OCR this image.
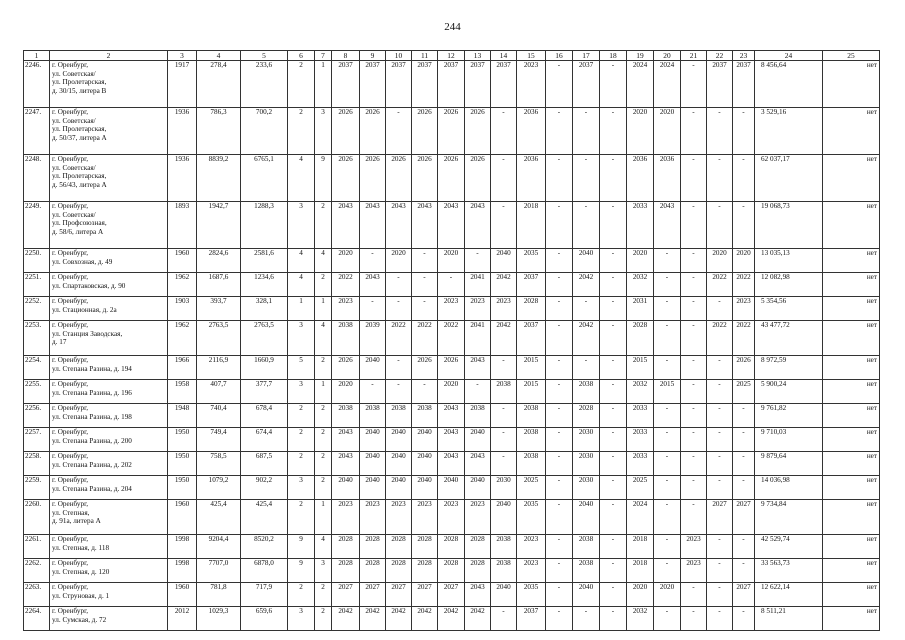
244
1	2	3	4	5	6	7	8	9	10	11	12	13	14	15	16	17	18	19	20	21	22	23	24	25
2246.	г. Оренбург,
ул. Советская/
ул. Пролетарская,
д. 30/15, литера В	1917	278,4	233,6	2	1	2037	2037	2037	2037	2037	2037	2037	2023	-	2037	-	2024	2024	-	2037	2037	8 456,64	нет
2247.	г. Оренбург,
ул. Советская/
ул. Пролетарская,
д. 50/37, литера А	1936	786,3	700,2	2	3	2026	2026	-	2026	2026	2026	-	2036	-	-	-	2020	2020	-	-	-	3 529,16	нет
2248.	г. Оренбург,
ул. Советская/
ул. Пролетарская,
д. 56/43, литера А	1936	8839,2	6765,1	4	9	2026	2026	2026	2026	2026	2026	-	2036	-	-	-	2036	2036	-	-	-	62 037,17	нет
2249.	г. Оренбург,
ул. Советская/
ул. Профсоюзная,
д. 58/6, литера А	1893	1942,7	1288,3	3	2	2043	2043	2043	2043	2043	2043	-	2018	-	-	-	2033	2043	-	-	-	19 068,73	нет
2250.	г. Оренбург,
ул. Совхозная, д. 49	1960	2824,6	2581,6	4	4	2020	-	2020	-	2020	-	2040	2035	-	2040	-	2020	-	-	2020	2020	13 035,13	нет
2251.	г. Оренбург,
ул. Спартаковская, д. 90	1962	1687,6	1234,6	4	2	2022	2043	-	-	-	2041	2042	2037	-	2042	-	2032	-	-	2022	2022	12 082,98	нет
2252.	г. Оренбург,
ул. Стационная, д. 2а	1903	393,7	328,1	1	1	2023	-	-	-	2023	2023	2023	2028	-	-	-	2031	-	-	-	2023	5 354,56	нет
2253.	г. Оренбург,
ул. Станция Заводская,
д. 17	1962	2763,5	2763,5	3	4	2038	2039	2022	2022	2022	2041	2042	2037	-	2042	-	2028	-	-	2022	2022	43 477,72	нет
2254.	г. Оренбург,
ул. Степана Разина, д. 194	1966	2116,9	1660,9	5	2	2026	2040	-	2026	2026	2043	-	2015	-	-	-	2015	-	-	-	2026	8 972,59	нет
2255.	г. Оренбург,
ул. Степана Разина, д. 196	1958	407,7	377,7	3	1	2020	-	-	-	2020	-	2038	2015	-	2038	-	2032	2015	-	-	2025	5 900,24	нет
2256.	г. Оренбург,
ул. Степана Разина, д. 198	1948	740,4	678,4	2	2	2038	2038	2038	2038	2043	2038	-	2038	-	2028	-	2033	-	-	-	-	9 761,82	нет
2257.	г. Оренбург,
ул. Степана Разина, д. 200	1950	749,4	674,4	2	2	2043	2040	2040	2040	2043	2040	-	2038	-	2030	-	2033	-	-	-	-	9 710,03	нет
2258.	г. Оренбург,
ул. Степана Разина, д. 202	1950	758,5	687,5	2	2	2043	2040	2040	2040	2043	2043	-	2038	-	2030	-	2033	-	-	-	-	9 879,64	нет
2259.	г. Оренбург,
ул. Степана Разина, д. 204	1950	1079,2	902,2	3	2	2040	2040	2040	2040	2040	2040	2030	2025	-	2030	-	2025	-	-	-	-	14 036,98	нет
2260.	г. Оренбург,
ул. Степная,
д. 91а, литера А	1960	425,4	425,4	2	1	2023	2023	2023	2023	2023	2023	2040	2035	-	2040	-	2024	-	-	2027	2027	9 734,84	нет
2261.	г. Оренбург,
ул. Степная, д. 118	1998	9204,4	8520,2	9	4	2028	2028	2028	2028	2028	2028	2038	2023	-	2038	-	2018	-	2023	-	-	42 529,74	нет
2262.	г. Оренбург,
ул. Степная, д. 120	1998	7707,0	6878,0	9	3	2028	2028	2028	2028	2028	2028	2038	2023	-	2038	-	2018	-	2023	-	-	33 563,73	нет
2263.	г. Оренбург,
ул. Струновая, д. 1	1960	781,8	717,9	2	2	2027	2027	2027	2027	2027	2043	2040	2035	-	2040	-	2020	2020	-	-	2027	12 622,14	нет
2264.	г. Оренбург,
ул. Сумская, д. 72	2012	1029,3	659,6	3	2	2042	2042	2042	2042	2042	2042	-	2037	-	-	-	2032	-	-	-	-	8 511,21	нет
